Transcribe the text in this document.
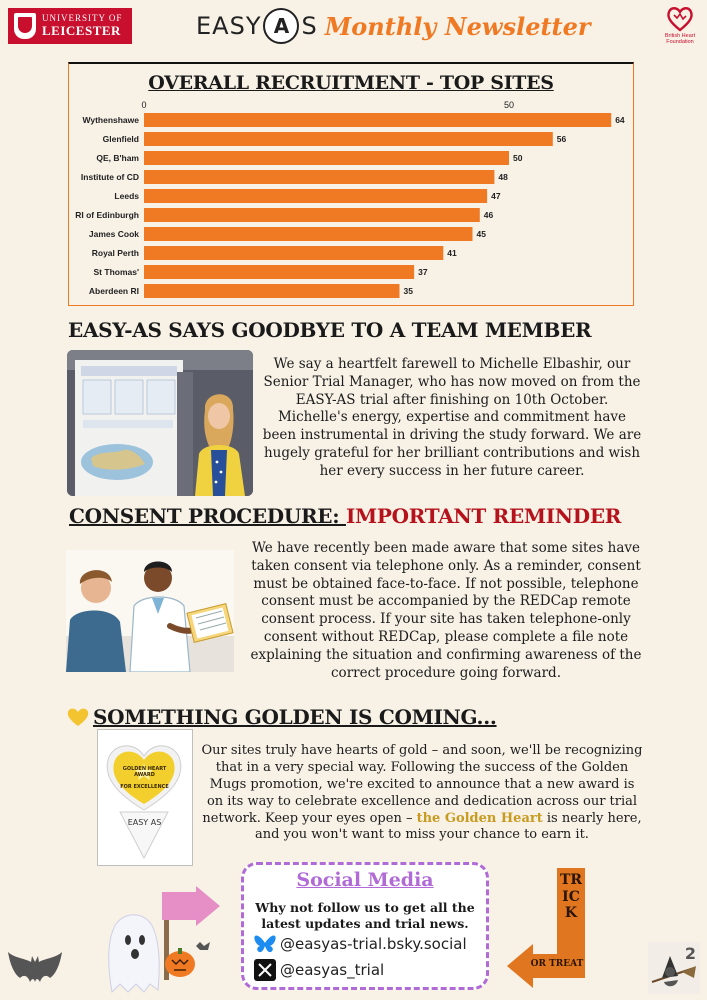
UNIVERSITY OF
LEICESTER	EASY A S Monthly Newsletter	British Heart
Foundation
OVERALL RECRUITMENT - TOP SITES
0	50
Wythenshawe	64
Glenfield	56
QE, B'ham	50
Institute of CD	48
Leeds	47
RI of Edinburgh	46
James Cook	45
Royal Perth	41
St Thomas'	37
Aberdeen RI	35
EASY-AS SAYS GOODBYE TO A TEAM MEMBER
We say a heartfelt farewell to Michelle Elbashir, our Senior Trial Manager, who has now moved on from the EASY-AS trial after finishing on 10th October. Michelle's energy, expertise and commitment have been instrumental in driving the study forward. We are hugely grateful for her brilliant contributions and wish her every success in her future career.
CONSENT PROCEDURE: IMPORTANT REMINDER
We have recently been made aware that some sites have taken consent via telephone only. As a reminder, consent must be obtained face-to-face. If not possible, telephone consent must be accompanied by the REDCap remote consent process. If your site has taken telephone-only consent without REDCap, please complete a file note explaining the situation and confirming awareness of the correct procedure going forward.
SOMETHING GOLDEN IS COMING...
GOLDEN HEART
AWARD
FOR EXCELLENCE
EASY AS
Our sites truly have hearts of gold – and soon, we'll be recognizing that in a very special way. Following the success of the Golden Mugs promotion, we're excited to announce that a new award is on its way to celebrate excellence and dedication across our trial network. Keep your eyes open – the Golden Heart is nearly here, and you won't want to miss your chance to earn it.
TRICK
OR TREAT
2
Social Media
Why not follow us to get all the
latest updates and trial news.
@easyas-trial.bsky.social
@easyas_trial
